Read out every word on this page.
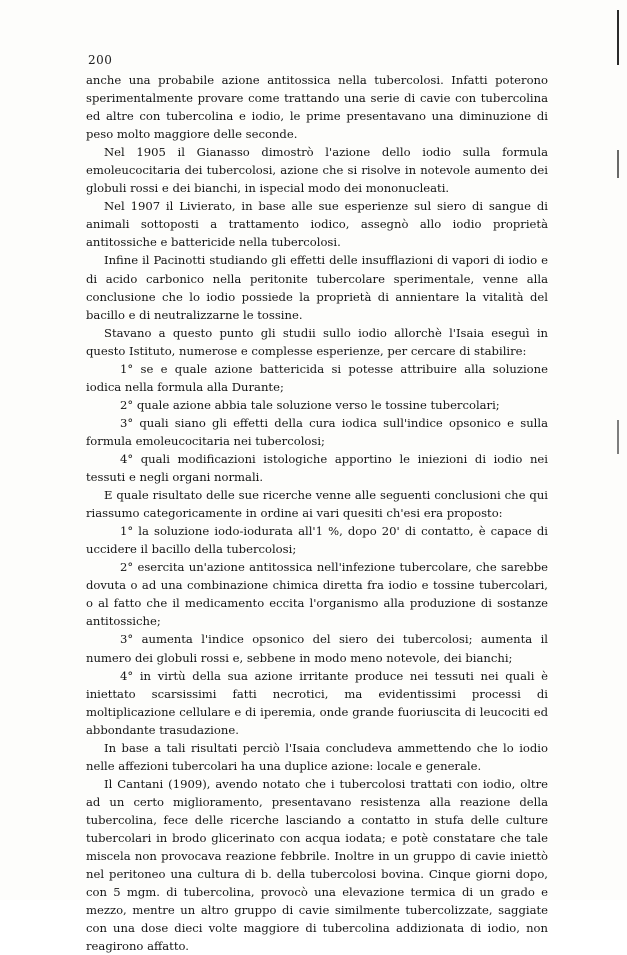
200

anche una probabile azione antitossica nella tubercolosi. Infatti poterono sperimentalmente provare come trattando una serie di cavie con tubercolina ed altre con tubercolina e iodio, le prime presentavano una diminuzione di peso molto maggiore delle seconde.

Nel 1905 il Gianasso dimostrò l'azione dello iodio sulla formula emoleucocitaria dei tubercolosi, azione che si risolve in notevole aumento dei globuli rossi e dei bianchi, in ispecial modo dei mononucleati.

Nel 1907 il Livierato, in base alle sue esperienze sul siero di sangue di animali sottoposti a trattamento iodico, assegnò allo iodio proprietà antitossiche e battericide nella tubercolosi.

Infine il Pacinotti studiando gli effetti delle insufflazioni di vapori di iodio e di acido carbonico nella peritonite tubercolare sperimentale, venne alla conclusione che lo iodio possiede la proprietà di annientare la vitalità del bacillo e di neutralizzarne le tossine.

Stavano a questo punto gli studii sullo iodio allorchè l'Isaia eseguì in questo Istituto, numerose e complesse esperienze, per cercare di stabilire:

1° se e quale azione battericida si potesse attribuire alla soluzione iodica nella formula alla Durante;

2° quale azione abbia tale soluzione verso le tossine tubercolari;

3° quali siano gli effetti della cura iodica sull'indice opsonico e sulla formula emoleucocitaria nei tubercolosi;

4° quali modificazioni istologiche apportino le iniezioni di iodio nei tessuti e negli organi normali.

E quale risultato delle sue ricerche venne alle seguenti conclusioni che qui riassumo categoricamente in ordine ai vari quesiti ch'esi era proposto:

1° la soluzione iodo-iodurata all'1 %, dopo 20' di contatto, è capace di uccidere il bacillo della tubercolosi;

2° esercita un'azione antitossica nell'infezione tubercolare, che sarebbe dovuta o ad una combinazione chimica diretta fra iodio e tossine tubercolari, o al fatto che il medicamento eccita l'organismo alla produzione di sostanze antitossiche;

3° aumenta l'indice opsonico del siero dei tubercolosi; aumenta il numero dei globuli rossi e, sebbene in modo meno notevole, dei bianchi;

4° in virtù della sua azione irritante produce nei tessuti nei quali è iniettato scarsissimi fatti necrotici, ma evidentissimi processi di moltiplicazione cellulare e di iperemia, onde grande fuoriuscita di leucociti ed abbondante trasudazione.

In base a tali risultati perciò l'Isaia concludeva ammettendo che lo iodio nelle affezioni tubercolari ha una duplice azione: locale e generale.

Il Cantani (1909), avendo notato che i tubercolosi trattati con iodio, oltre ad un certo miglioramento, presentavano resistenza alla reazione della tubercolina, fece delle ricerche lasciando a contatto in stufa delle culture tubercolari in brodo glicerinato con acqua iodata; e potè constatare che tale miscela non provocava reazione febbrile. Inoltre in un gruppo di cavie iniettò nel peritoneo una cultura di b. della tubercolosi bovina. Cinque giorni dopo, con 5 mgm. di tubercolina, provocò una elevazione termica di un grado e mezzo, mentre un altro gruppo di cavie similmente tubercolizzate, saggiate con una dose dieci volte maggiore di tubercolina addizionata di iodio, non reagirono affatto.
